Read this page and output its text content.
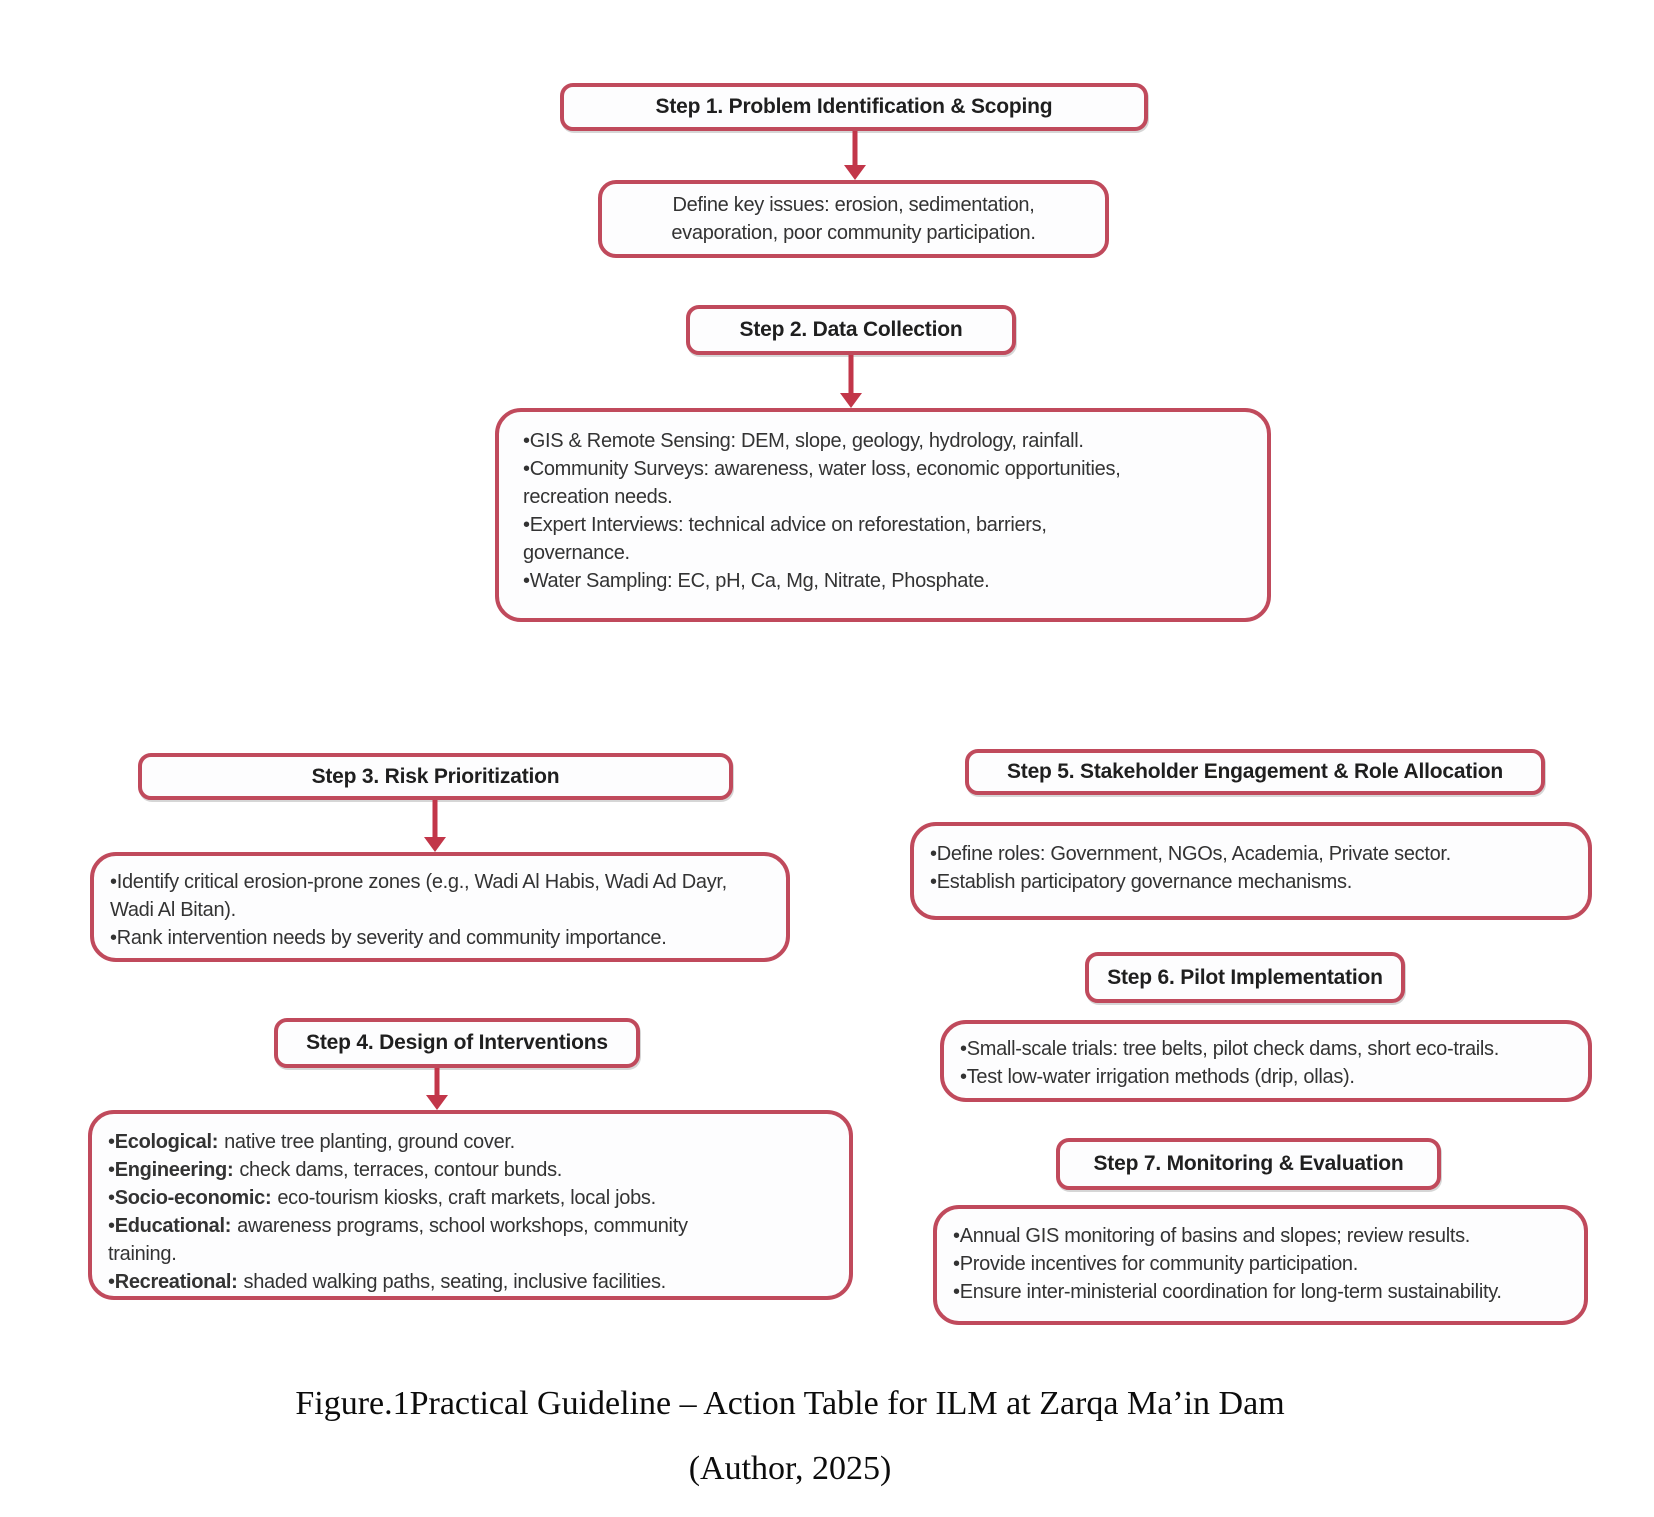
Step 1. Problem Identification & Scoping
Define key issues: erosion, sedimentation, evaporation, poor community participation.
Step 2. Data Collection
• GIS & Remote Sensing: DEM, slope, geology, hydrology, rainfall.
• Community Surveys: awareness, water loss, economic opportunities, recreation needs.
• Expert Interviews: technical advice on reforestation, barriers, governance.
• Water Sampling: EC, pH, Ca, Mg, Nitrate, Phosphate.
Step 3. Risk Prioritization
• Identify critical erosion-prone zones (e.g., Wadi Al Habis, Wadi Ad Dayr, Wadi Al Bitan).
• Rank intervention needs by severity and community importance.
Step 4. Design of Interventions
• Ecological: native tree planting, ground cover.
• Engineering: check dams, terraces, contour bunds.
• Socio-economic: eco-tourism kiosks, craft markets, local jobs.
• Educational: awareness programs, school workshops, community training.
• Recreational: shaded walking paths, seating, inclusive facilities.
Step 5. Stakeholder Engagement & Role Allocation
• Define roles: Government, NGOs, Academia, Private sector.
• Establish participatory governance mechanisms.
Step 6. Pilot Implementation
• Small-scale trials: tree belts, pilot check dams, short eco-trails.
• Test low-water irrigation methods (drip, ollas).
Step 7. Monitoring & Evaluation
• Annual GIS monitoring of basins and slopes; review results.
• Provide incentives for community participation.
• Ensure inter-ministerial coordination for long-term sustainability.
Figure.1Practical Guideline – Action Table for ILM at Zarqa Ma’in Dam
(Author, 2025)
